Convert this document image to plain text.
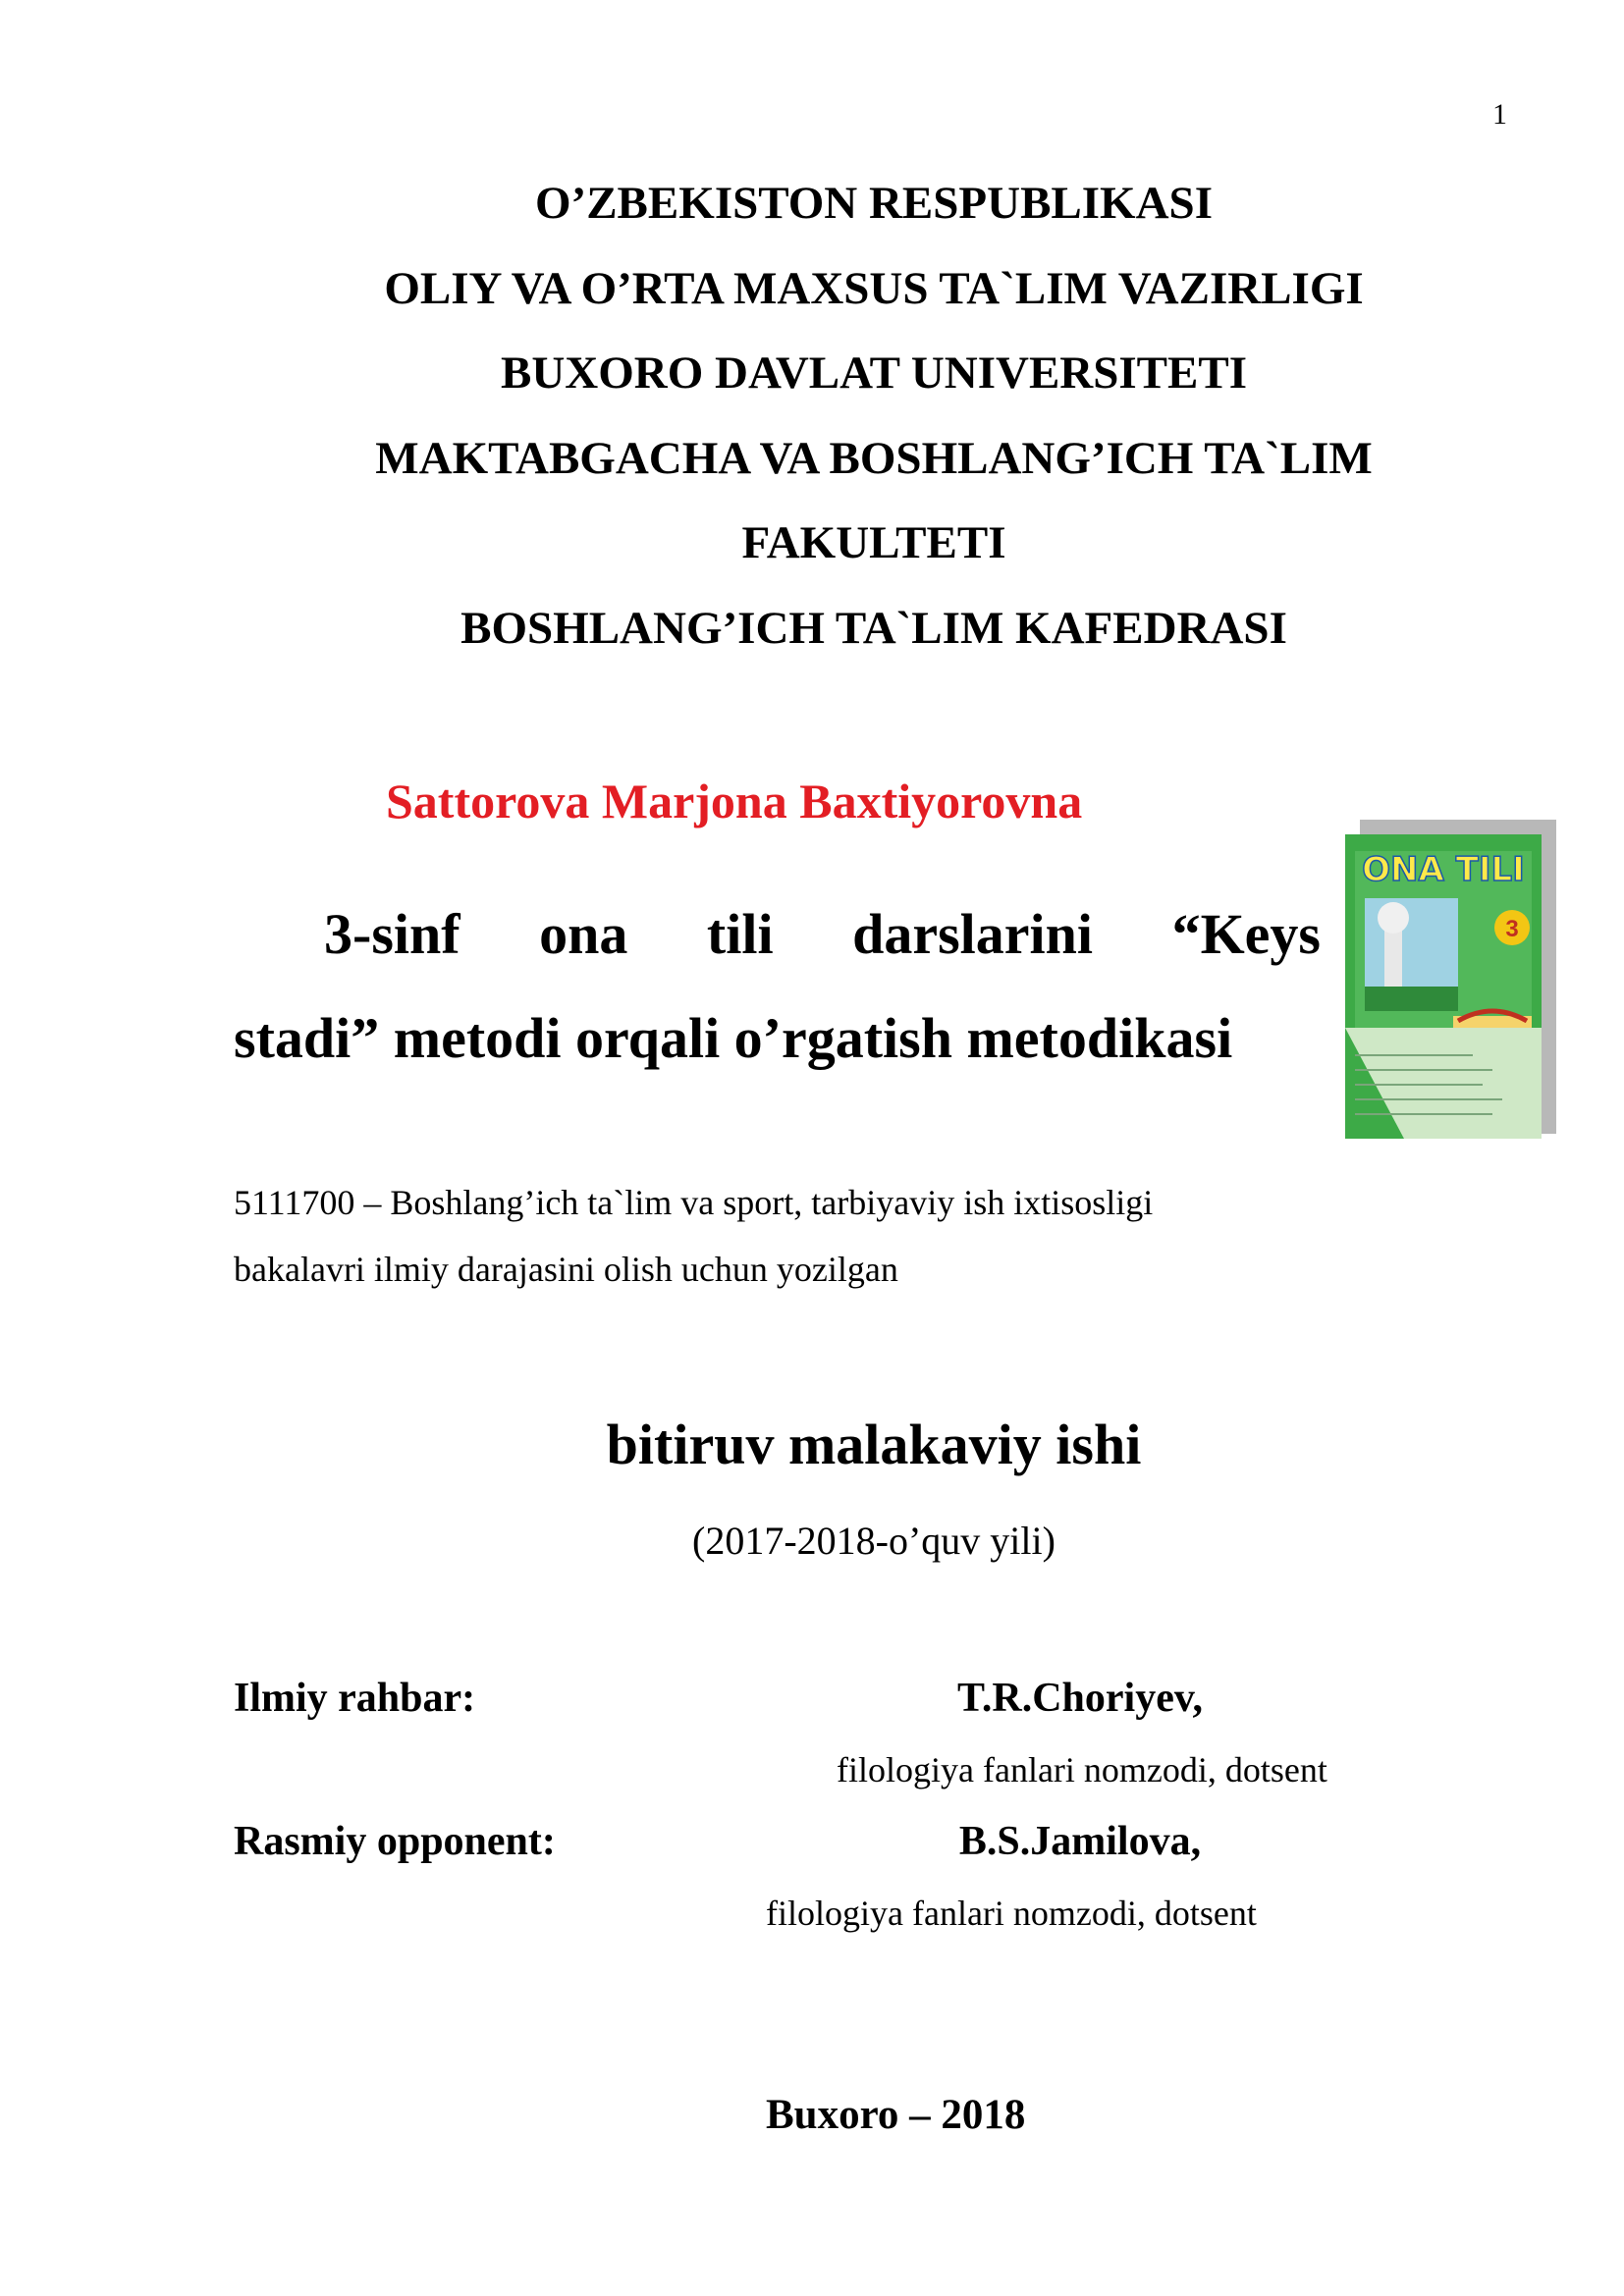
1
O’ZBEKISTON RESPUBLIKASI
OLIY VA O’RTA MAXSUS TA`LIM VAZIRLIGI
BUXORO DAVLAT UNIVERSITETI
MAKTABGACHA VA BOSHLANG’ICH TA`LIM
FAKULTETI
BOSHLANG’ICH TA`LIM KAFEDRASI
Sattorova Marjona Baxtiyorovna
3-sinf ona tili darslarini “Keys
stadi” metodi orqali o’rgatish metodikasi
3
ONA TILI
5111700 – Boshlang’ich ta`lim va sport, tarbiyaviy ish ixtisosligi
bakalavri ilmiy darajasini olish uchun yozilgan
bitiruv malakaviy ishi
(2017-2018-o’quv yili)
Ilmiy rahbar:	T.R.Choriyev,
filologiya fanlari nomzodi, dotsent
Rasmiy opponent:	B.S.Jamilova,
filologiya fanlari nomzodi, dotsent
Buxoro – 2018
